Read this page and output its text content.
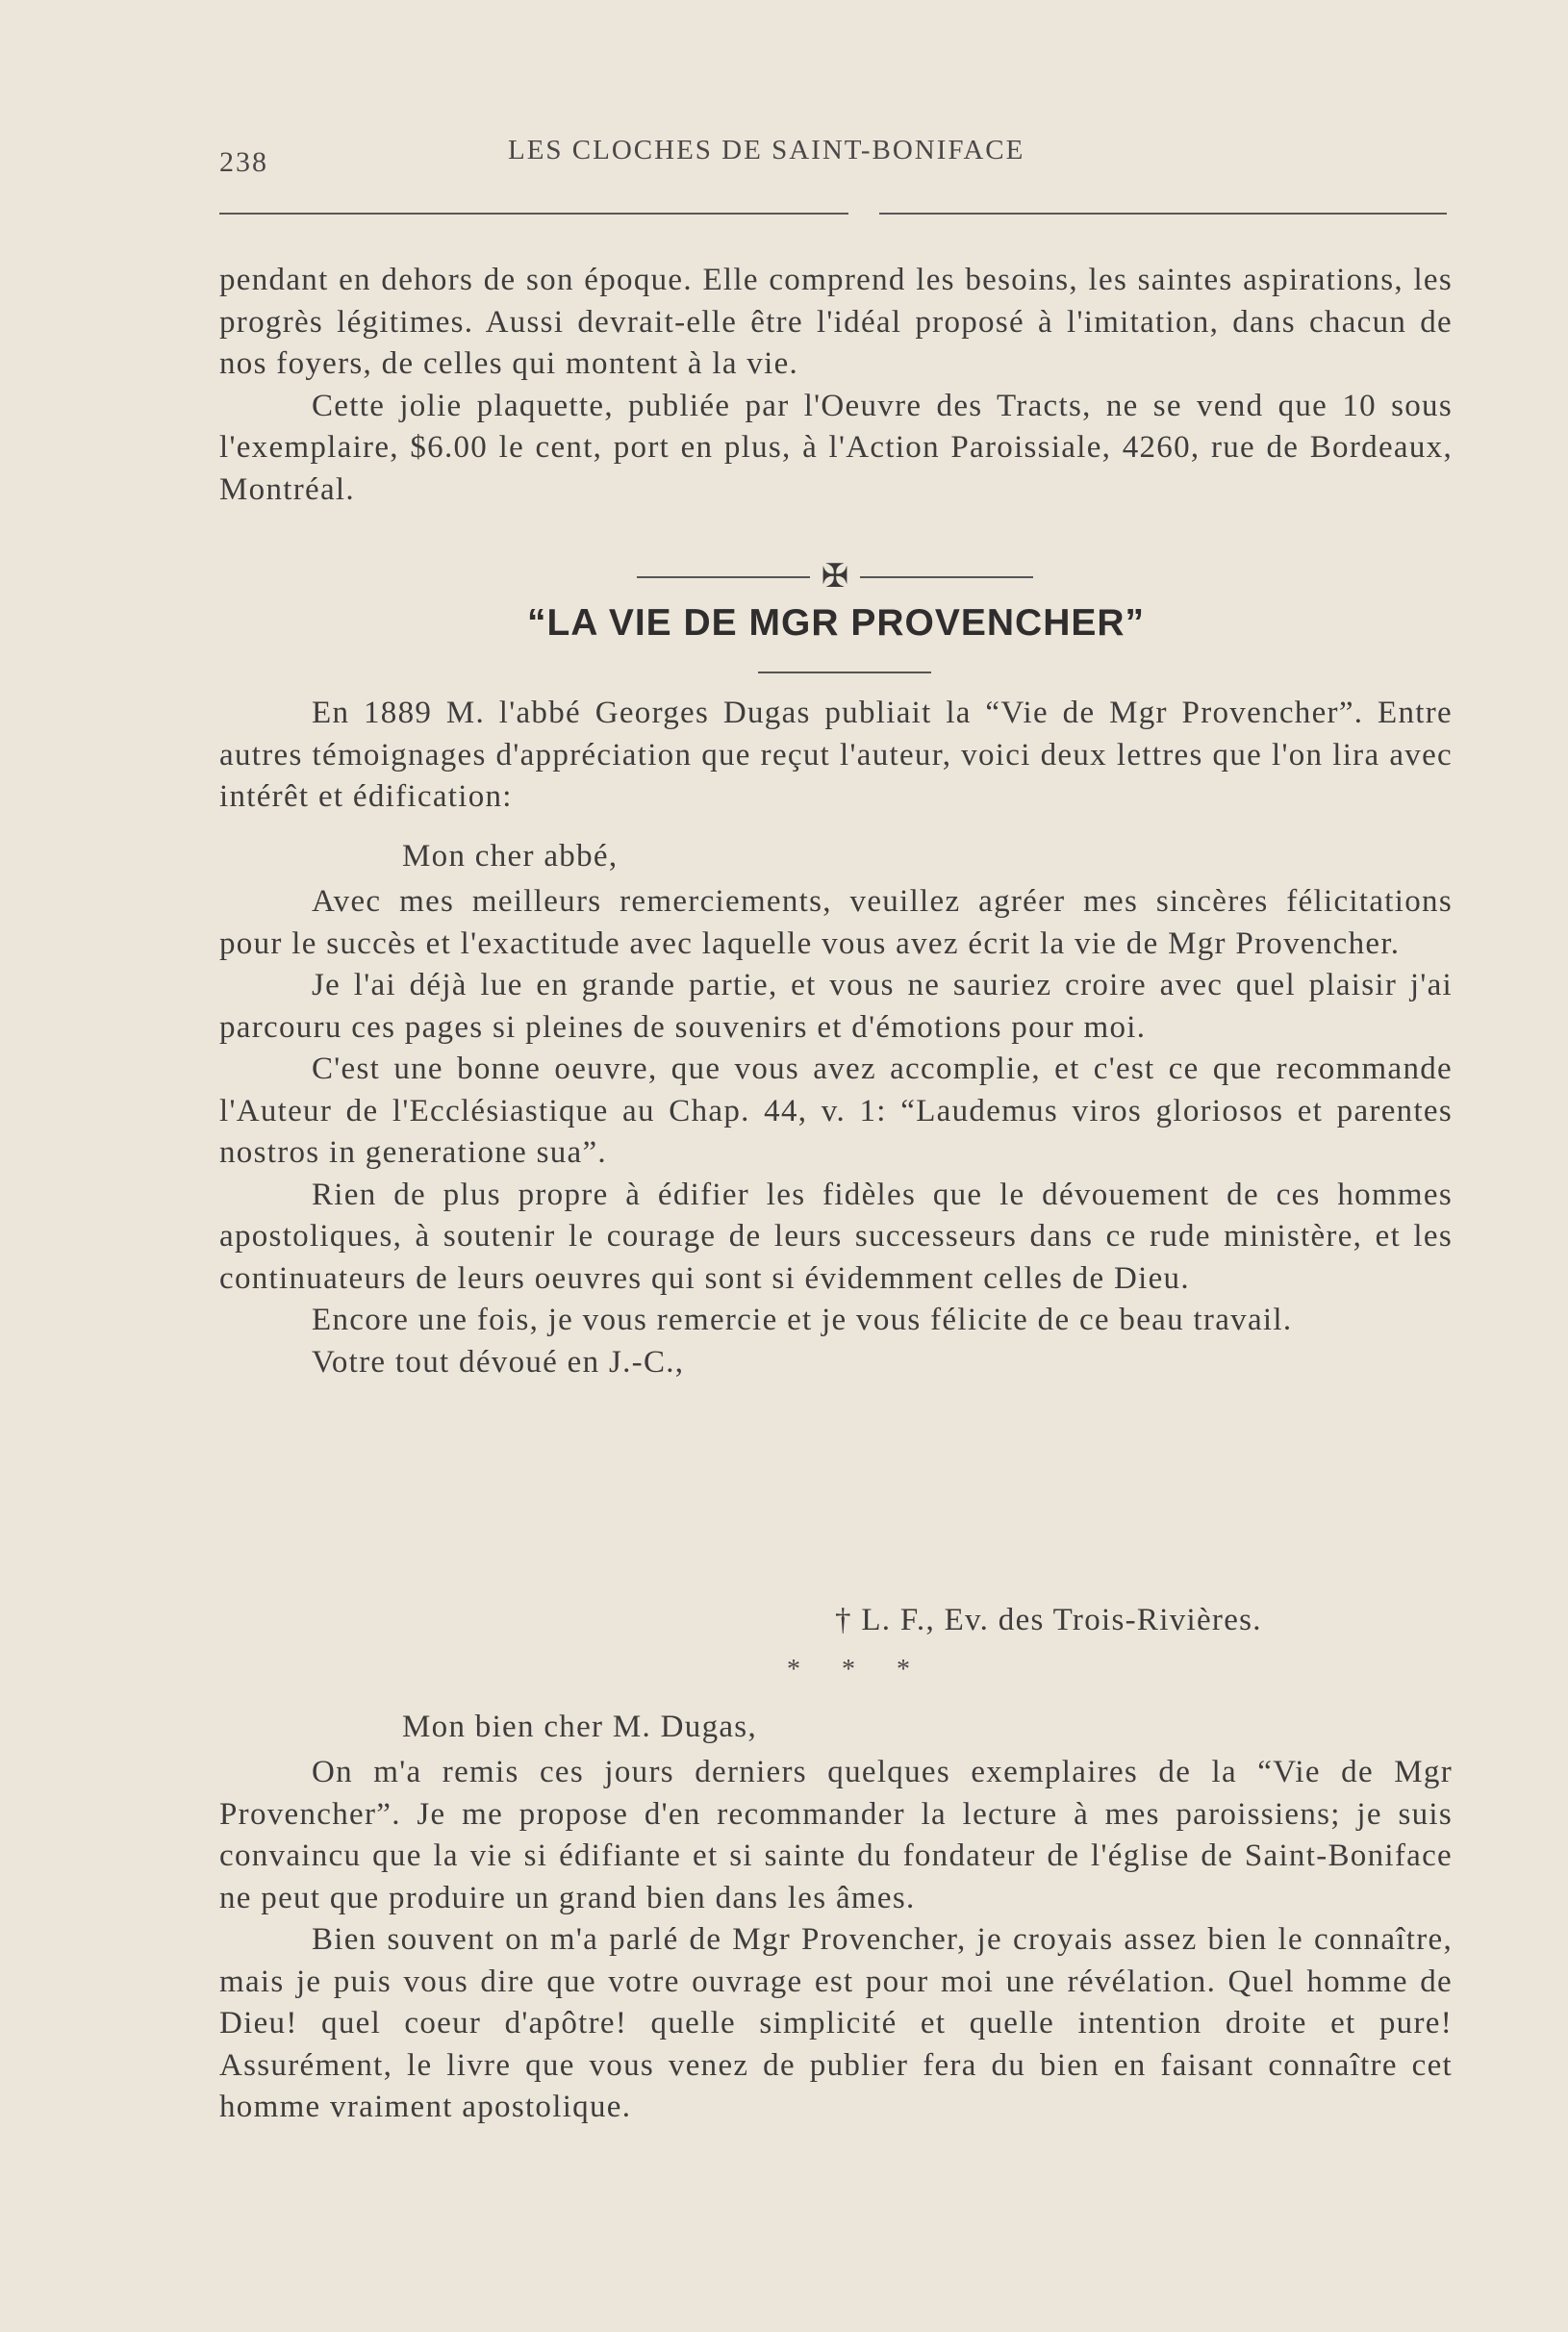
238	LES CLOCHES DE SAINT-BONIFACE

pendant en dehors de son époque. Elle comprend les besoins, les saintes aspirations, les progrès légitimes. Aussi devrait-elle être l'idéal proposé à l'imitation, dans chacun de nos foyers, de celles qui montent à la vie.

Cette jolie plaquette, publiée par l'Oeuvre des Tracts, ne se vend que 10 sous l'exemplaire, $6.00 le cent, port en plus, à l'Action Paroissiale, 4260, rue de Bordeaux, Montréal.

✠
“LA VIE DE MGR PROVENCHER”

En 1889 M. l'abbé Georges Dugas publiait la “Vie de Mgr Provencher”. Entre autres témoignages d'appréciation que reçut l'auteur, voici deux lettres que l'on lira avec intérêt et édification:

Mon cher abbé,

Avec mes meilleurs remerciements, veuillez agréer mes sincères félicitations pour le succès et l'exactitude avec laquelle vous avez écrit la vie de Mgr Provencher.

Je l'ai déjà lue en grande partie, et vous ne sauriez croire avec quel plaisir j'ai parcouru ces pages si pleines de souvenirs et d'émotions pour moi.

C'est une bonne oeuvre, que vous avez accomplie, et c'est ce que recommande l'Auteur de l'Ecclésiastique au Chap. 44, v. 1: “Laudemus viros gloriosos et parentes nostros in generatione sua”.

Rien de plus propre à édifier les fidèles que le dévouement de ces hommes apostoliques, à soutenir le courage de leurs successeurs dans ce rude ministère, et les continuateurs de leurs oeuvres qui sont si évidemment celles de Dieu.

Encore une fois, je vous remercie et je vous félicite de ce beau travail.

Votre tout dévoué en J.-C.,

† L. F., Ev. des Trois-Rivières.
* * *
Mon bien cher M. Dugas,

On m'a remis ces jours derniers quelques exemplaires de la “Vie de Mgr Provencher”. Je me propose d'en recommander la lecture à mes paroissiens; je suis convaincu que la vie si édifiante et si sainte du fondateur de l'église de Saint-Boniface ne peut que produire un grand bien dans les âmes.

Bien souvent on m'a parlé de Mgr Provencher, je croyais assez bien le connaître, mais je puis vous dire que votre ouvrage est pour moi une révélation. Quel homme de Dieu! quel coeur d'apôtre! quelle simplicité et quelle intention droite et pure! Assurément, le livre que vous venez de publier fera du bien en faisant connaître cet homme vraiment apostolique.
